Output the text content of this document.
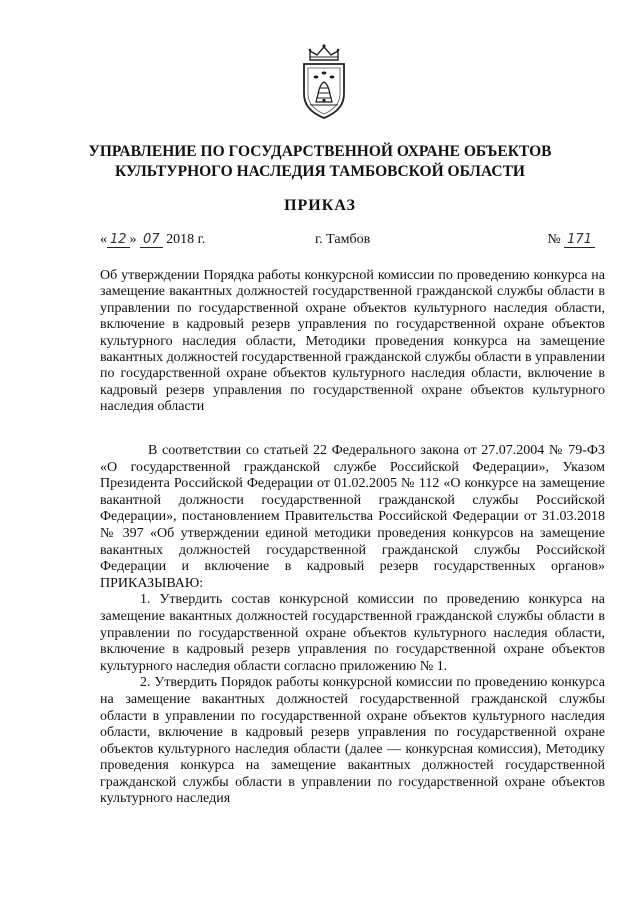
УПРАВЛЕНИЕ ПО ГОСУДАРСТВЕННОЙ ОХРАНЕ ОБЪЕКТОВ
КУЛЬТУРНОГО НАСЛЕДИЯ ТАМБОВСКОЙ ОБЛАСТИ
ПРИКАЗ
« 12 » 07 2018 г.	г. Тамбов	№ 171
Об утверждении Порядка работы конкурсной комиссии по проведению конкурса на замещение вакантных должностей государственной гражданской службы области в управлении по государственной охране объектов культурного наследия области, включение в кадровый резерв управления по государственной охране объектов культурного наследия области, Методики проведения конкурса на замещение вакантных должностей государственной гражданской службы области в управлении по государственной охране объектов культурного наследия области, включение в кадровый резерв управления по государственной охране объектов культурного наследия области

В соответствии со статьей 22 Федерального закона от 27.07.2004 № 79-ФЗ «О государственной гражданской службе Российской Федерации», Указом Президента Российской Федерации от 01.02.2005 № 112 «О конкурсе на замещение вакантной должности государственной гражданской службы Российской Федерации», постановлением Правительства Российской Федерации от 31.03.2018 № 397 «Об утверждении единой методики проведения конкурсов на замещение вакантных должностей государственной гражданской службы Российской Федерации и включение в кадровый резерв государственных органов» ПРИКАЗЫВАЮ:

1. Утвердить состав конкурсной комиссии по проведению конкурса на замещение вакантных должностей государственной гражданской службы области в управлении по государственной охране объектов культурного наследия области, включение в кадровый резерв управления по государственной охране объектов культурного наследия области согласно приложению № 1.

2. Утвердить Порядок работы конкурсной комиссии по проведению конкурса на замещение вакантных должностей государственной гражданской службы области в управлении по государственной охране объектов культурного наследия области, включение в кадровый резерв управления по государственной охране объектов культурного наследия области (далее — конкурсная комиссия), Методику проведения конкурса на замещение вакантных должностей государственной гражданской службы области в управлении по государственной охране объектов культурного наследия
